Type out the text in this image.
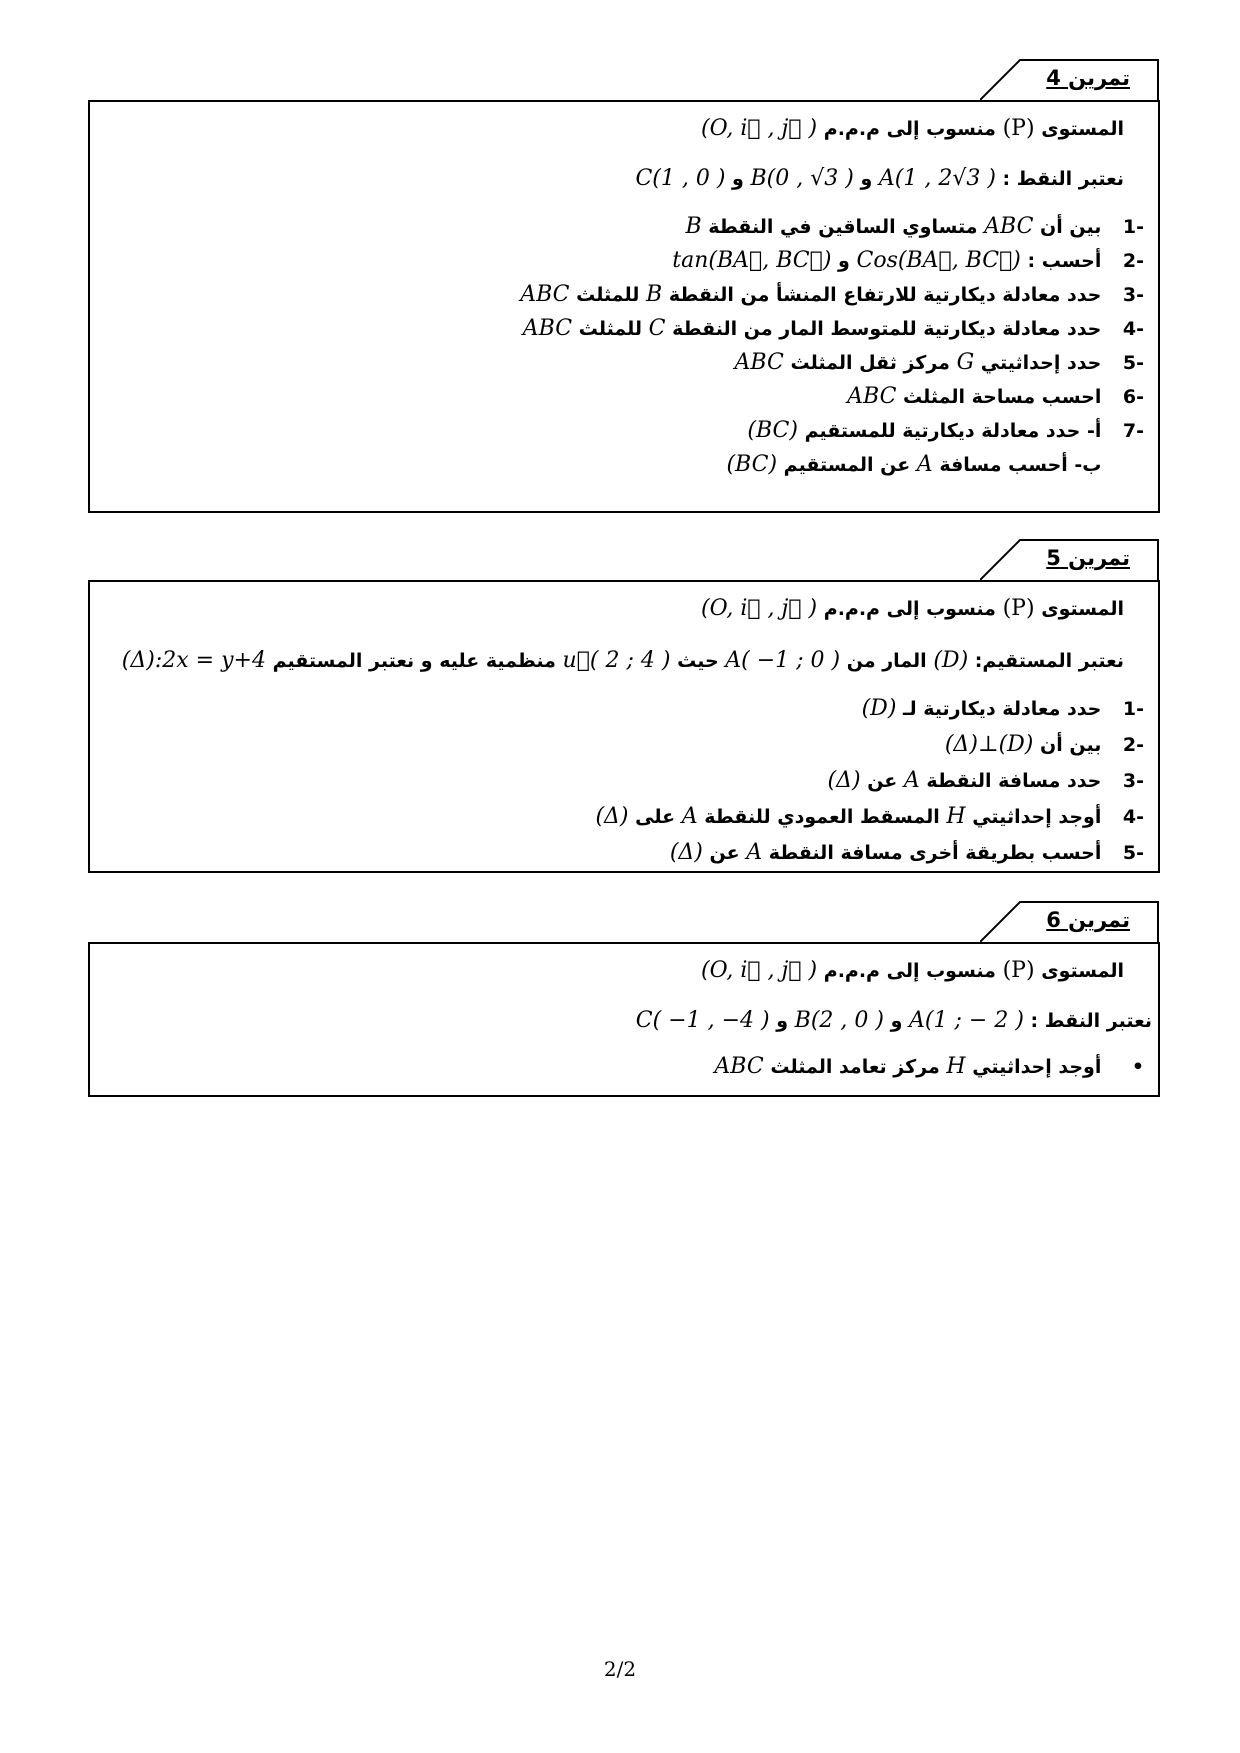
تمرين 4
المستوى (P) منسوب إلى م.م.م (O, i⃗ , j⃗ )
نعتبر النقط : A(1 , 2√3 ) و B(0 , √3 ) و C(1 , 0 )
-1 بين أن ABC متساوي الساقين في النقطة B
-2 أحسب : Cos(BA⃗, BC⃗) و tan(BA⃗, BC⃗)
-3 حدد معادلة ديكارتية للارتفاع المنشأ من النقطة B للمثلث ABC
-4 حدد معادلة ديكارتية للمتوسط المار من النقطة C للمثلث ABC
-5 حدد إحداثيتي G مركز ثقل المثلث ABC
-6 احسب مساحة المثلث ABC
-7 أ- حدد معادلة ديكارتية للمستقيم (BC)
ب- أحسب مسافة A عن المستقيم (BC)
تمرين 5
المستوى (P) منسوب إلى م.م.م (O, i⃗ , j⃗ )
نعتبر المستقيم: (D) المار من A( −1 ; 0 ) حيث u⃗( 2 ; 4 ) منظمية عليه و نعتبر المستقيم (Δ):2x = y+4
-1 حدد معادلة ديكارتية لـ (D)
-2 بين أن (Δ)⊥(D)
-3 حدد مسافة النقطة A عن (Δ)
-4 أوجد إحداثيتي H المسقط العمودي للنقطة A على (Δ)
-5 أحسب بطريقة أخرى مسافة النقطة A عن (Δ)
تمرين 6
المستوى (P) منسوب إلى م.م.م (O, i⃗ , j⃗ )
نعتبر النقط : A(1 ; − 2 ) و B(2 , 0 ) و C( −1 , −4 )
• أوجد إحداثيتي H مركز تعامد المثلث ABC
2/2
